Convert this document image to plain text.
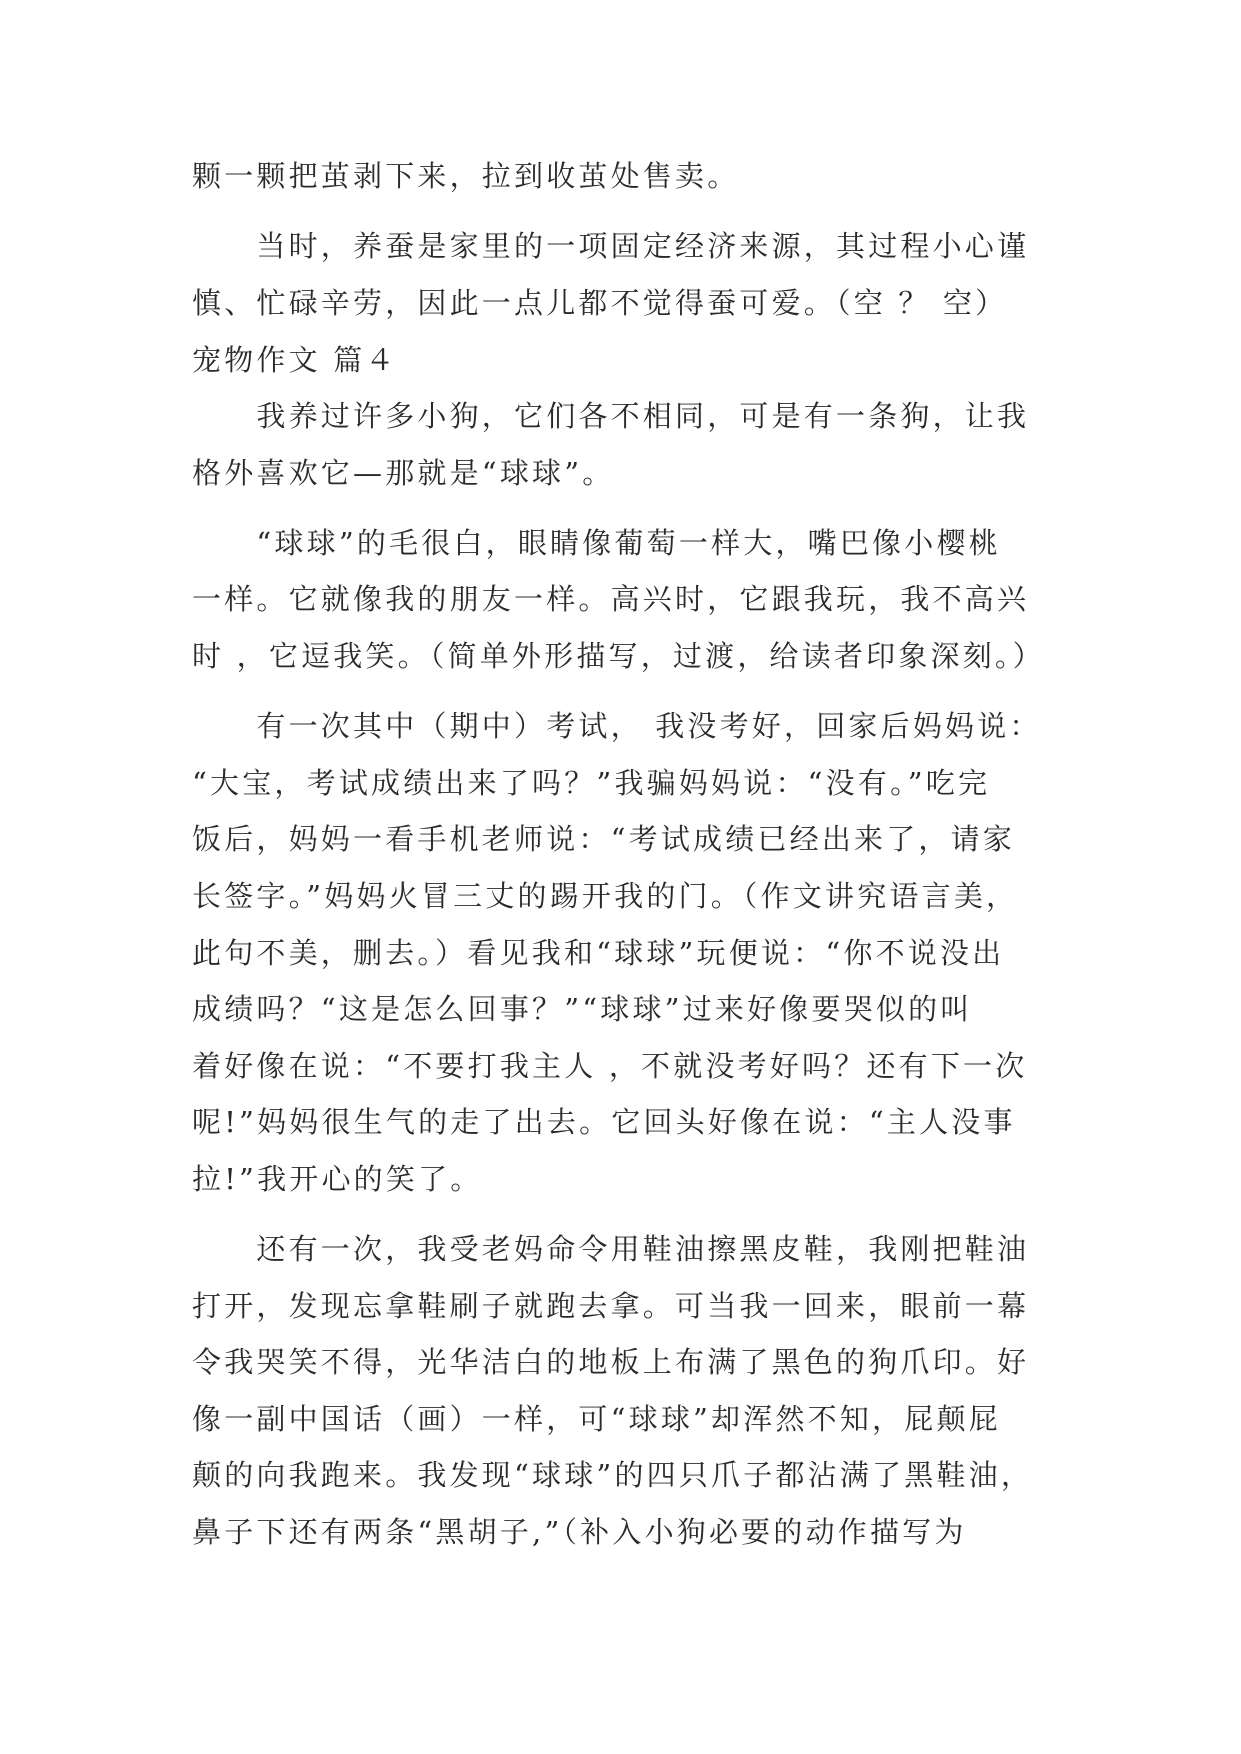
颗一颗把茧剥下来，拉到收茧处售卖。
　　当时，养蚕是家里的一项固定经济来源，其过程小心谨
慎、忙碌辛劳，因此一点儿都不觉得蚕可爱。（空 ？ 空）
宠物作文 篇４
　　我养过许多小狗，它们各不相同，可是有一条狗，让我
格外喜欢它—那就是“球球”。
　　“球球”的毛很白，眼睛像葡萄一样大，嘴巴像小樱桃
一样。它就像我的朋友一样。高兴时，它跟我玩，我不高兴
时 ，它逗我笑。（简单外形描写，过渡，给读者印象深刻。）
　　有一次其中（期中）考试， 我没考好，回家后妈妈说：
“大宝，考试成绩出来了吗？”我骗妈妈说：“没有。”吃完
饭后，妈妈一看手机老师说：“考试成绩已经出来了，请家
长签字。”妈妈火冒三丈的踢开我的门。（作文讲究语言美，
此句不美，删去。）看见我和“球球”玩便说：“你不说没出
成绩吗？“这是怎么回事？”“球球”过来好像要哭似的叫
着好像在说：“不要打我主人 ，不就没考好吗？还有下一次
呢!”妈妈很生气的走了出去。它回头好像在说：“主人没事
拉!”我开心的笑了。
　　还有一次，我受老妈命令用鞋油擦黑皮鞋，我刚把鞋油
打开，发现忘拿鞋刷子就跑去拿。可当我一回来，眼前一幕
令我哭笑不得，光华洁白的地板上布满了黑色的狗爪印。好
像一副中国话（画）一样，可“球球”却浑然不知，屁颠屁
颠的向我跑来。我发现“球球”的四只爪子都沾满了黑鞋油，
鼻子下还有两条“黑胡子,”（补入小狗必要的动作描写为
